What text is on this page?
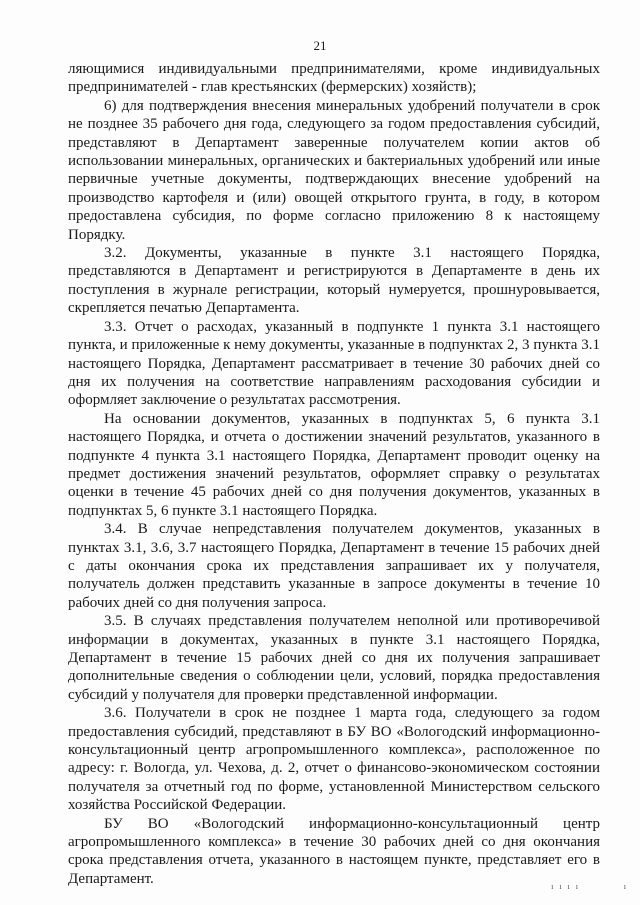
21

ляющимися индивидуальными предпринимателями, кроме индивидуальных предпринимателей - глав крестьянских (фермерских) хозяйств);

6) для подтверждения внесения минеральных удобрений получатели в срок не позднее 35 рабочего дня года, следующего за годом предоставления субсидий, представляют в Департамент заверенные получателем копии актов об использовании минеральных, органических и бактериальных удобрений или иные первичные учетные документы, подтверждающих внесение удобрений на производство картофеля и (или) овощей открытого грунта, в году, в котором предоставлена субсидия, по форме согласно приложению 8 к настоящему Порядку.

3.2. Документы, указанные в пункте 3.1 настоящего Порядка, представляются в Департамент и регистрируются в Департаменте в день их поступления в журнале регистрации, который нумеруется, прошнуровывается, скрепляется печатью Департамента.

3.3. Отчет о расходах, указанный в подпункте 1 пункта 3.1 настоящего пункта, и приложенные к нему документы, указанные в подпунктах 2, 3 пункта 3.1 настоящего Порядка, Департамент рассматривает в течение 30 рабочих дней со дня их получения на соответствие направлениям расходования субсидии и оформляет заключение о результатах рассмотрения.

На основании документов, указанных в подпунктах 5, 6 пункта 3.1 настоящего Порядка, и отчета о достижении значений результатов, указанного в подпункте 4 пункта 3.1 настоящего Порядка, Департамент проводит оценку на предмет достижения значений результатов, оформляет справку о результатах оценки в течение 45 рабочих дней со дня получения документов, указанных в подпунктах 5, 6 пункте 3.1 настоящего Порядка.

3.4. В случае непредставления получателем документов, указанных в пунктах 3.1, 3.6, 3.7 настоящего Порядка, Департамент в течение 15 рабочих дней с даты окончания срока их представления запрашивает их у получателя, получатель должен представить указанные в запросе документы в течение 10 рабочих дней со дня получения запроса.

3.5. В случаях представления получателем неполной или противоречивой информации в документах, указанных в пункте 3.1 настоящего Порядка, Департамент в течение 15 рабочих дней со дня их получения запрашивает дополнительные сведения о соблюдении цели, условий, порядка предоставления субсидий у получателя для проверки представленной информации.

3.6. Получатели в срок не позднее 1 марта года, следующего за годом предоставления субсидий, представляют в БУ ВО «Вологодский информационно-консультационный центр агропромышленного комплекса», расположенное по адресу: г. Вологда, ул. Чехова, д. 2, отчет о финансово-экономическом состоянии получателя за отчетный год по форме, установленной Министерством сельского хозяйства Российской Федерации.

БУ ВО «Вологодский информационно-консультационный центр агропромышленного комплекса» в течение 30 рабочих дней со дня окончания срока представления отчета, указанного в настоящем пункте, представляет его в Департамент.	ı ı ı ı	ı
